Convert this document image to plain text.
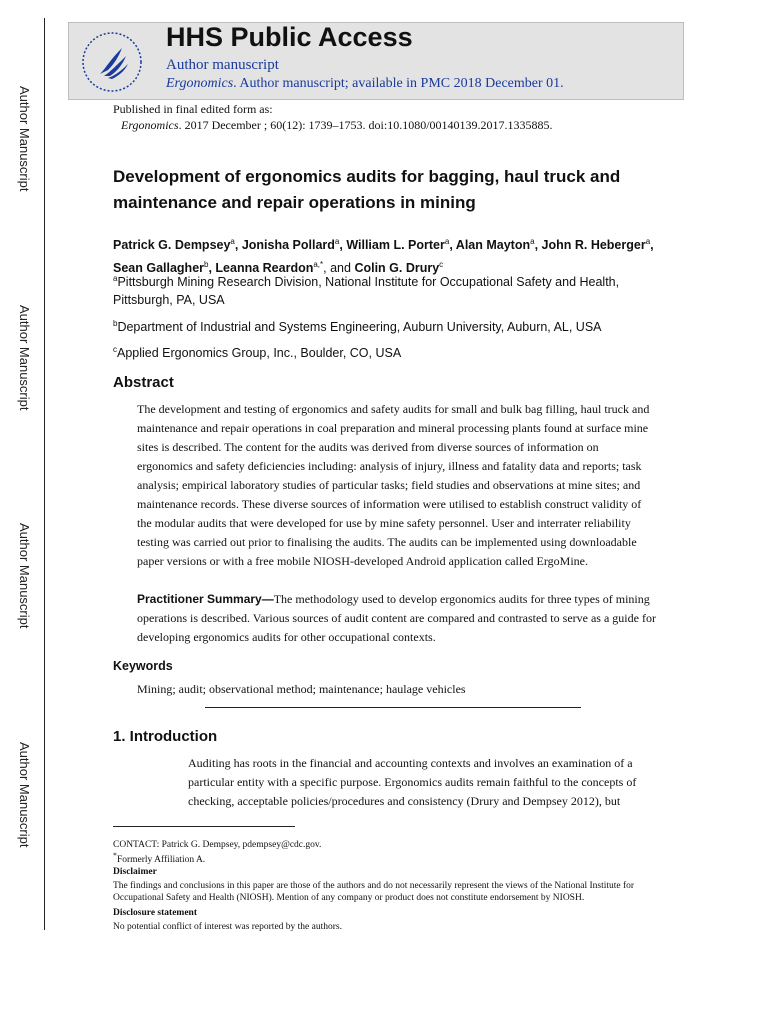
Author Manuscript
Author Manuscript
Author Manuscript
Author Manuscript
HHS Public Access
Author manuscript
Ergonomics. Author manuscript; available in PMC 2018 December 01.
Published in final edited form as:
Ergonomics. 2017 December ; 60(12): 1739–1753. doi:10.1080/00140139.2017.1335885.
Development of ergonomics audits for bagging, haul truck and maintenance and repair operations in mining
Patrick G. Dempsey$^a$, Jonisha Pollard$^a$, William L. Porter$^a$, Alan Mayton$^a$, John R. Heberger$^a$, Sean Gallagher$^b$, Leanna Reardon$^{a,*}$, and Colin G. Drury$^c$
$^a$Pittsburgh Mining Research Division, National Institute for Occupational Safety and Health, Pittsburgh, PA, USA
$^b$Department of Industrial and Systems Engineering, Auburn University, Auburn, AL, USA
$^c$Applied Ergonomics Group, Inc., Boulder, CO, USA
Abstract

The development and testing of ergonomics and safety audits for small and bulk bag filling, haul truck and maintenance and repair operations in coal preparation and mineral processing plants found at surface mine sites is described. The content for the audits was derived from diverse sources of information on ergonomics and safety deficiencies including: analysis of injury, illness and fatality data and reports; task analysis; empirical laboratory studies of particular tasks; field studies and observations at mine sites; and maintenance records. These diverse sources of information were utilised to establish construct validity of the modular audits that were developed for use by mine safety personnel. User and interrater reliability testing was carried out prior to finalising the audits. The audits can be implemented using downloadable paper versions or with a free mobile NIOSH-developed Android application called ErgoMine.

Practitioner Summary—The methodology used to develop ergonomics audits for three types of mining operations is described. Various sources of audit content are compared and contrasted to serve as a guide for developing ergonomics audits for other occupational contexts.

Keywords
Mining; audit; observational method; maintenance; haulage vehicles
1. Introduction

Auditing has roots in the financial and accounting contexts and involves an examination of a particular entity with a specific purpose. Ergonomics audits remain faithful to the concepts of checking, acceptable policies/procedures and consistency (Drury and Dempsey 2012), but

CONTACT: Patrick G. Dempsey, pdempsey@cdc.gov.
*Formerly Affiliation A.
Disclaimer
The findings and conclusions in this paper are those of the authors and do not necessarily represent the views of the National Institute for Occupational Safety and Health (NIOSH). Mention of any company or product does not constitute endorsement by NIOSH.
Disclosure statement
No potential conflict of interest was reported by the authors.
